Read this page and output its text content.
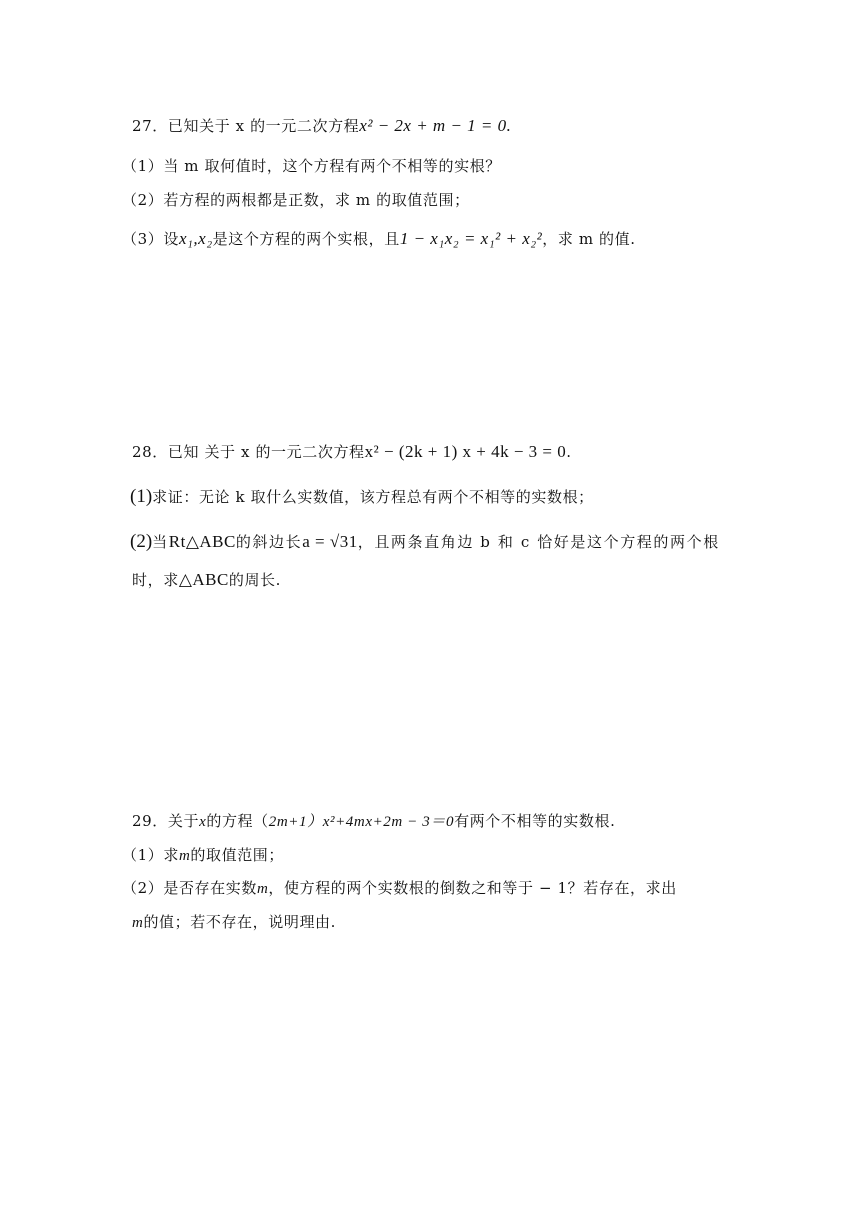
27．已知关于 x 的一元二次方程x² − 2x + m − 1 = 0.
（1）当 m 取何值时，这个方程有两个不相等的实根？
（2）若方程的两根都是正数，求 m 的取值范围；
（3）设x₁,x₂是这个方程的两个实根，且1 − x₁x₂ = x₁² + x₂²，求 m 的值.
28．已知 关于 x 的一元二次方程x² − (2k + 1) x + 4k − 3 = 0.
(1)求证：无论 k 取什么实数值，该方程总有两个不相等的实数根；
(2)当Rt△ABC的斜边长a = √31，且两条直角边 b 和 c 恰好是这个方程的两个根
时，求△ABC的周长.
29．关于x的方程（2m+1）x²+4mx+2m − 3＝0有两个不相等的实数根.
（1）求m的取值范围；
（2）是否存在实数m，使方程的两个实数根的倒数之和等于 − 1？若存在，求出
m的值；若不存在，说明理由.
